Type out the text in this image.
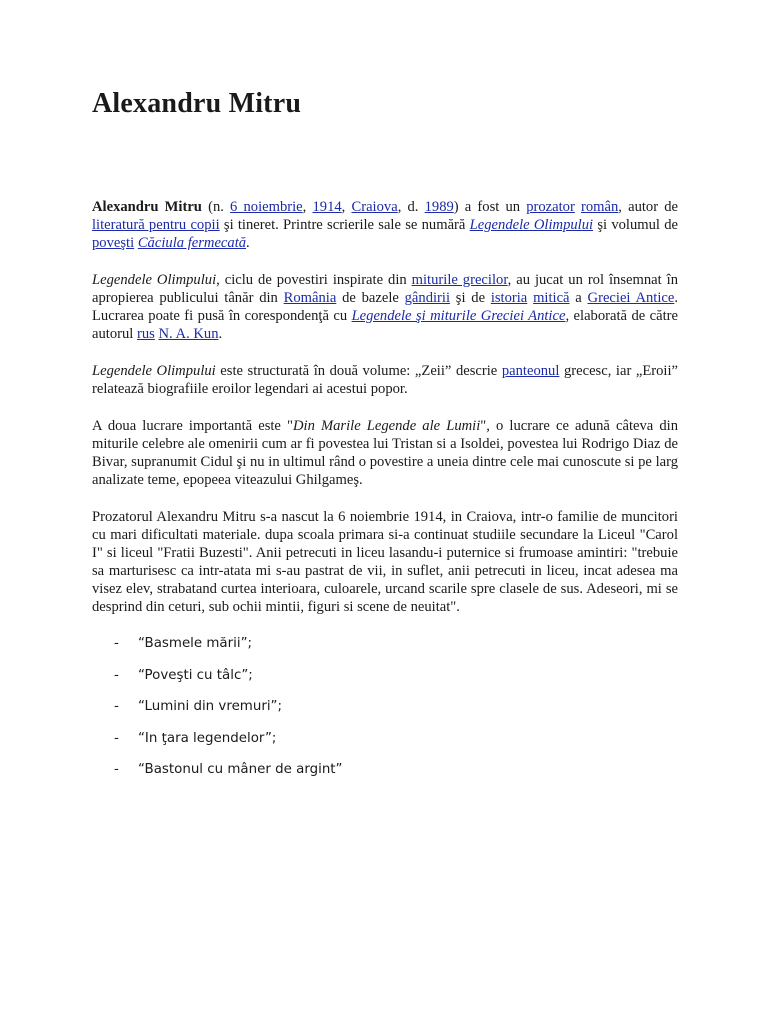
Alexandru Mitru

Alexandru Mitru (n. 6 noiembrie, 1914, Craiova, d. 1989) a fost un prozator român, autor de literatură pentru copii şi tineret. Printre scrierile sale se numără Legendele Olimpului şi volumul de poveşti Căciula fermecată.

Legendele Olimpului, ciclu de povestiri inspirate din miturile grecilor, au jucat un rol însemnat în apropierea publicului tânăr din România de bazele gândirii şi de istoria mitică a Greciei Antice. Lucrarea poate fi pusă în corespondenţă cu Legendele şi miturile Greciei Antice, elaborată de către autorul rus N. A. Kun.

Legendele Olimpului este structurată în două volume: „Zeii” descrie panteonul grecesc, iar „Eroii” relatează biografiile eroilor legendari ai acestui popor.

A doua lucrare importantă este "Din Marile Legende ale Lumii", o lucrare ce adună câteva din miturile celebre ale omenirii cum ar fi povestea lui Tristan si a Isoldei, povestea lui Rodrigo Diaz de Bivar, supranumit Cidul şi nu in ultimul rând o povestire a uneia dintre cele mai cunoscute si pe larg analizate teme, epopeea viteazului Ghilgameş.

Prozatorul Alexandru Mitru s-a nascut la 6 noiembrie 1914, in Craiova, intr-o familie de muncitori cu mari dificultati materiale. dupa scoala primara si-a continuat studiile secundare la Liceul "Carol I" si liceul "Fratii Buzesti". Anii petrecuti in liceu lasandu-i puternice si frumoase amintiri: "trebuie sa marturisesc ca intr-atata mi s-au pastrat de vii, in suflet, anii petrecuti in liceu, incat adesea ma visez elev, strabatand curtea interioara, culoarele, urcand scarile spre clasele de sus. Adeseori, mi se desprind din ceturi, sub ochii mintii, figuri si scene de neuitat".

- “Basmele mării”;
- “Poveşti cu tâlc”;
- “Lumini din vremuri”;
- “In ţara legendelor”;
- “Bastonul cu mâner de argint”
